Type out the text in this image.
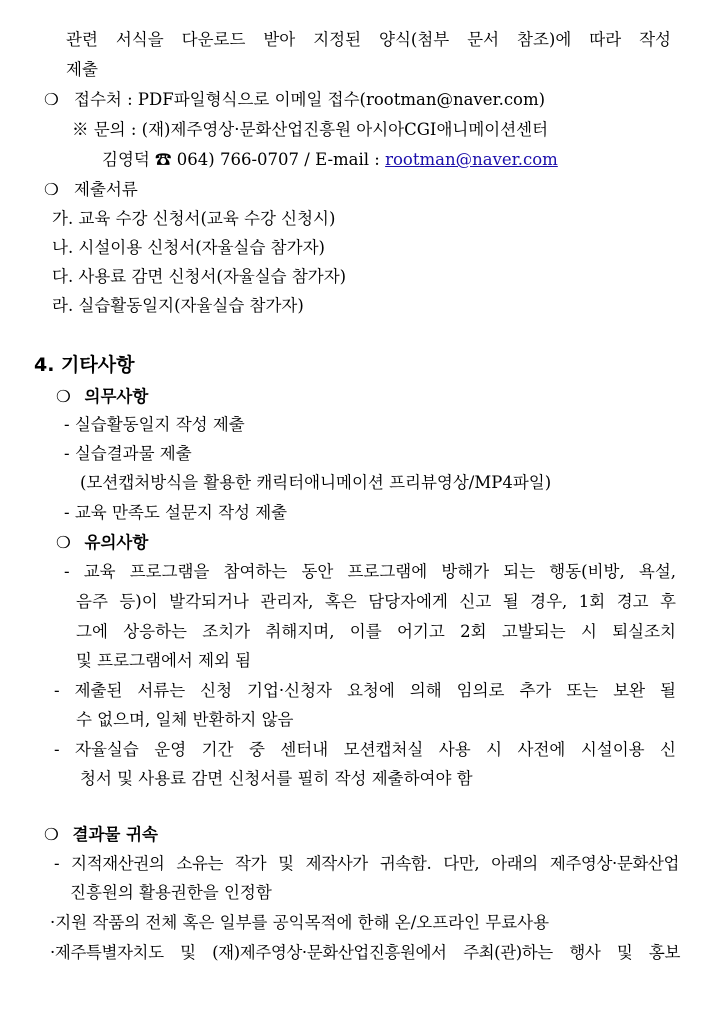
관련 서식을 다운로드 받아 지정된 양식(첨부 문서 참조)에 따라 작성
제출
❍ 접수처 : PDF파일형식으로 이메일 접수(rootman@naver.com)
※ 문의 : (재)제주영상·문화산업진흥원 아시아CGI애니메이션센터
김영덕 ☎ 064) 766-0707 / E-mail : rootman@naver.com
❍ 제출서류
가. 교육 수강 신청서(교육 수강 신청시)
나. 시설이용 신청서(자율실습 참가자)
다. 사용료 감면 신청서(자율실습 참가자)
라. 실습활동일지(자율실습 참가자)
4. 기타사항
❍ 의무사항
- 실습활동일지 작성 제출
- 실습결과물 제출
(모션캡처방식을 활용한 캐릭터애니메이션 프리뷰영상/MP4파일)
- 교육 만족도 설문지 작성 제출
❍ 유의사항
- 교육 프로그램을 참여하는 동안 프로그램에 방해가 되는 행동(비방, 욕설,
음주 등)이 발각되거나 관리자, 혹은 담당자에게 신고 될 경우, 1회 경고 후
그에 상응하는 조치가 취해지며, 이를 어기고 2회 고발되는 시 퇴실조치
및 프로그램에서 제외 됨
- 제출된 서류는 신청 기업·신청자 요청에 의해 임의로 추가 또는 보완 될
수 없으며, 일체 반환하지 않음
- 자율실습 운영 기간 중 센터내 모션캡처실 사용 시 사전에 시설이용 신
청서 및 사용료 감면 신청서를 필히 작성 제출하여야 함
❍ 결과물 귀속
- 지적재산권의 소유는 작가 및 제작사가 귀속함. 다만, 아래의 제주영상·문화산업
진흥원의 활용권한을 인정함
·지원 작품의 전체 혹은 일부를 공익목적에 한해 온/오프라인 무료사용
·제주특별자치도 및 (재)제주영상·문화산업진흥원에서 주최(관)하는 행사 및 홍보
